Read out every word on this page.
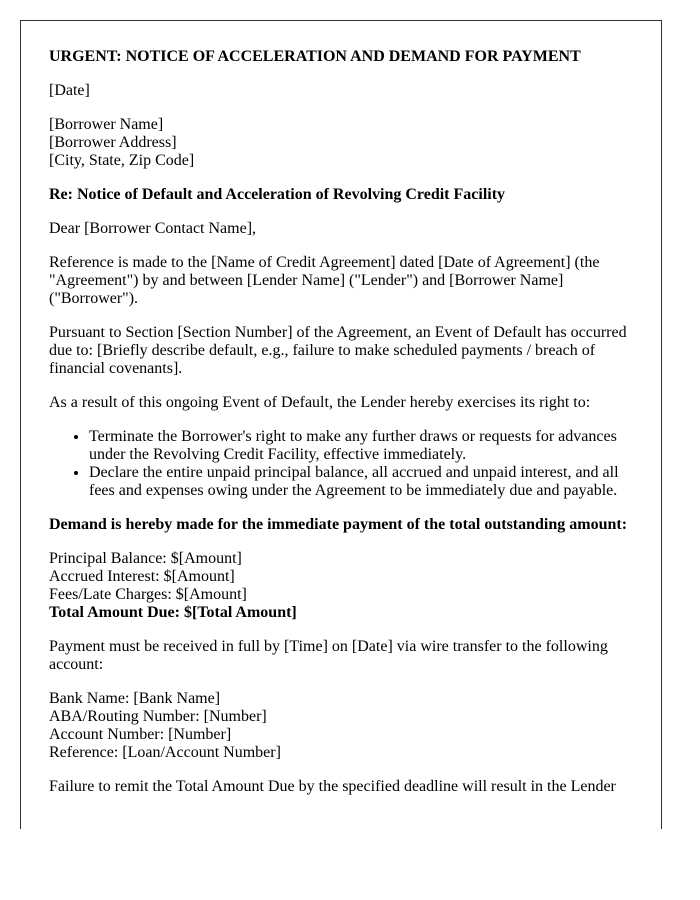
URGENT: NOTICE OF ACCELERATION AND DEMAND FOR PAYMENT

[Date]

[Borrower Name]
[Borrower Address]
[City, State, Zip Code]

Re: Notice of Default and Acceleration of Revolving Credit Facility

Dear [Borrower Contact Name],

Reference is made to the [Name of Credit Agreement] dated [Date of Agreement] (the "Agreement") by and between [Lender Name] ("Lender") and [Borrower Name] ("Borrower").

Pursuant to Section [Section Number] of the Agreement, an Event of Default has occurred due to: [Briefly describe default, e.g., failure to make scheduled payments / breach of financial covenants].

As a result of this ongoing Event of Default, the Lender hereby exercises its right to:

• Terminate the Borrower's right to make any further draws or requests for advances under the Revolving Credit Facility, effective immediately.
• Declare the entire unpaid principal balance, all accrued and unpaid interest, and all fees and expenses owing under the Agreement to be immediately due and payable.

Demand is hereby made for the immediate payment of the total outstanding amount:

Principal Balance: $[Amount]
Accrued Interest: $[Amount]
Fees/Late Charges: $[Amount]
Total Amount Due: $[Total Amount]

Payment must be received in full by [Time] on [Date] via wire transfer to the following account:

Bank Name: [Bank Name]
ABA/Routing Number: [Number]
Account Number: [Number]
Reference: [Loan/Account Number]

Failure to remit the Total Amount Due by the specified deadline will result in the Lender
